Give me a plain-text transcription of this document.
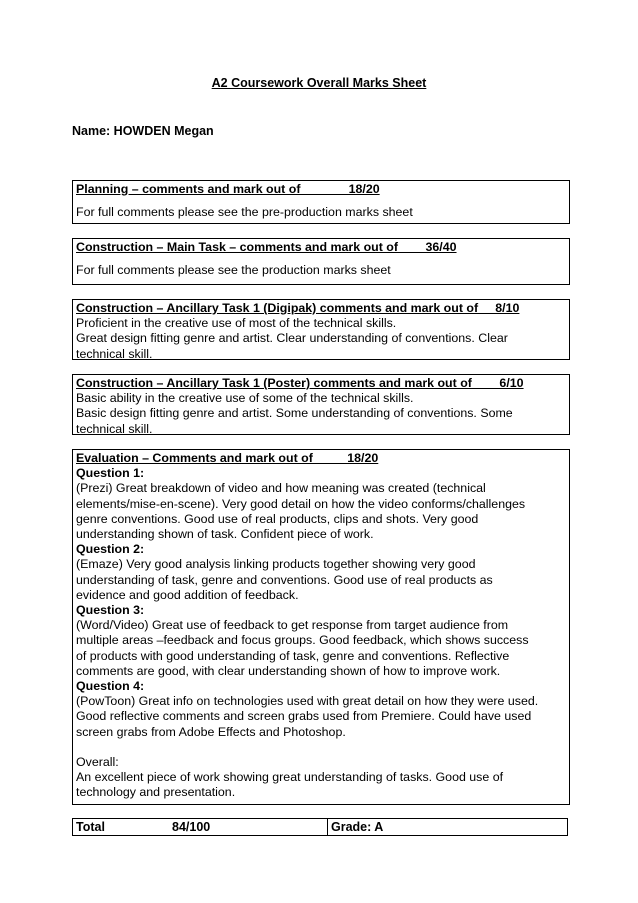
A2 Coursework Overall Marks Sheet
Name: HOWDEN Megan
Planning – comments and mark out of              18/20
For full comments please see the pre-production marks sheet
Construction – Main Task – comments and mark out of        36/40
For full comments please see the production marks sheet
Construction – Ancillary Task 1 (Digipak) comments and mark out of     8/10
Proficient in the creative use of most of the technical skills.
Great design fitting genre and artist. Clear understanding of conventions. Clear
technical skill.
Construction – Ancillary Task 1 (Poster) comments and mark out of        6/10
Basic ability in the creative use of some of the technical skills.
Basic design fitting genre and artist. Some understanding of conventions. Some
technical skill.
Evaluation – Comments and mark out of          18/20
Question 1:
(Prezi) Great breakdown of video and how meaning was created (technical
elements/mise-en-scene). Very good detail on how the video conforms/challenges
genre conventions. Good use of real products, clips and shots. Very good
understanding shown of task. Confident piece of work.
Question 2:
(Emaze) Very good analysis linking products together showing very good
understanding of task, genre and conventions. Good use of real products as
evidence and good addition of feedback.
Question 3:
(Word/Video) Great use of feedback to get response from target audience from
multiple areas –feedback and focus groups. Good feedback, which shows success
of products with good understanding of task, genre and conventions. Reflective
comments are good, with clear understanding shown of how to improve work.
Question 4:
(PowToon) Great info on technologies used with great detail on how they were used.
Good reflective comments and screen grabs used from Premiere. Could have used
screen grabs from Adobe Effects and Photoshop.
Overall:
An excellent piece of work showing great understanding of tasks. Good use of
technology and presentation.
Total	84/100	Grade: A
